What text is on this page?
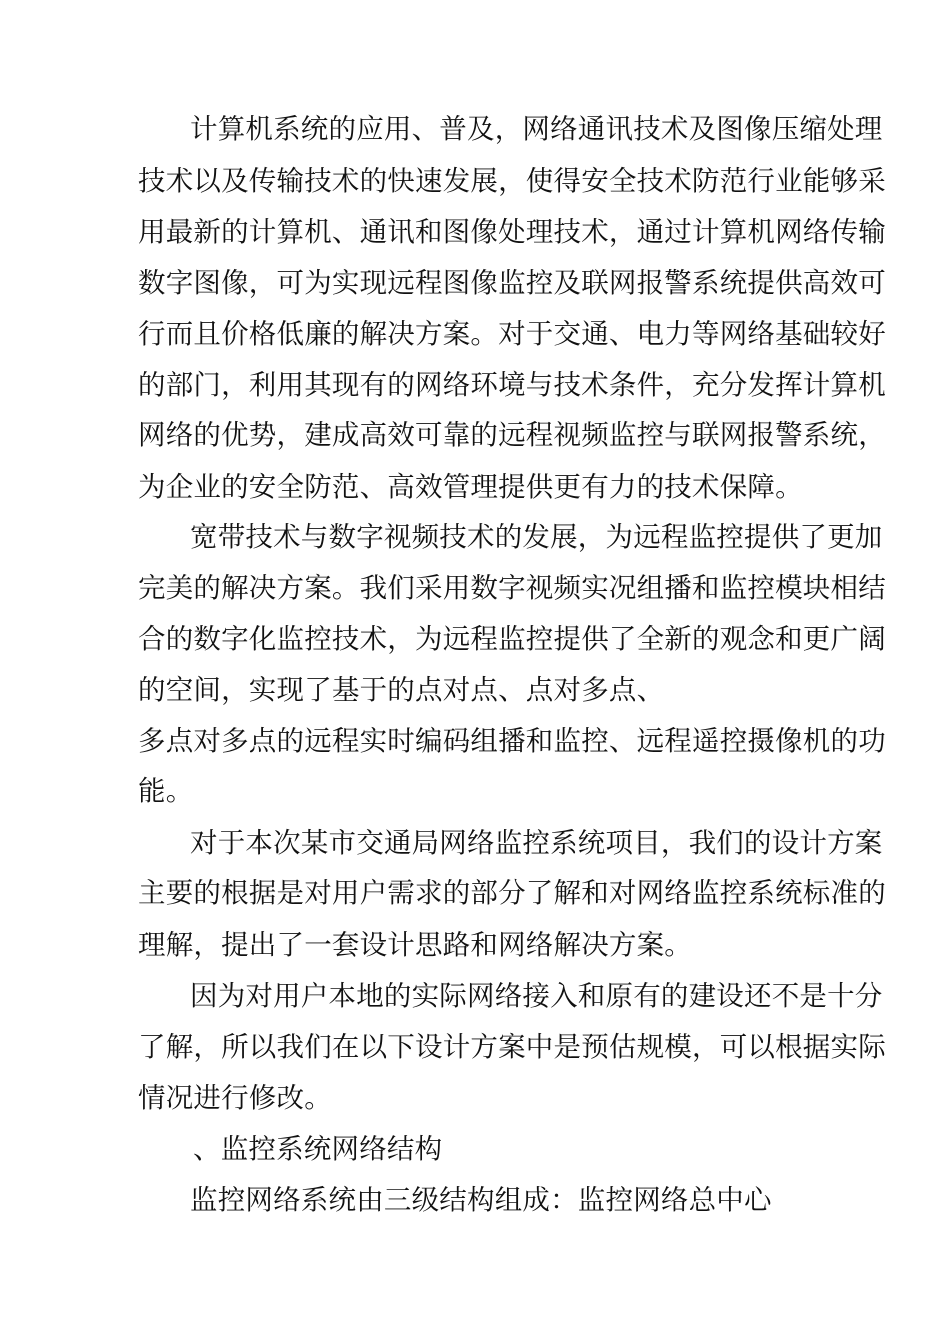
计算机系统的应用、普及，网络通讯技术及图像压缩处理
技术以及传输技术的快速发展，使得安全技术防范行业能够采
用最新的计算机、通讯和图像处理技术，通过计算机网络传输
数字图像，可为实现远程图像监控及联网报警系统提供高效可
行而且价格低廉的解决方案。对于交通、电力等网络基础较好
的部门，利用其现有的网络环境与技术条件，充分发挥计算机
网络的优势，建成高效可靠的远程视频监控与联网报警系统，
为企业的安全防范、高效管理提供更有力的技术保障。
宽带技术与数字视频技术的发展，为远程监控提供了更加
完美的解决方案。我们采用数字视频实况组播和监控模块相结
合的数字化监控技术，为远程监控提供了全新的观念和更广阔
的空间，实现了基于的点对点、点对多点、
多点对多点的远程实时编码组播和监控、远程遥控摄像机的功
能。
对于本次某市交通局网络监控系统项目，我们的设计方案
主要的根据是对用户需求的部分了解和对网络监控系统标准的
理解，提出了一套设计思路和网络解决方案。
因为对用户本地的实际网络接入和原有的建设还不是十分
了解，所以我们在以下设计方案中是预估规模，可以根据实际
情况进行修改。
、监控系统网络结构
监控网络系统由三级结构组成：监控网络总中心
